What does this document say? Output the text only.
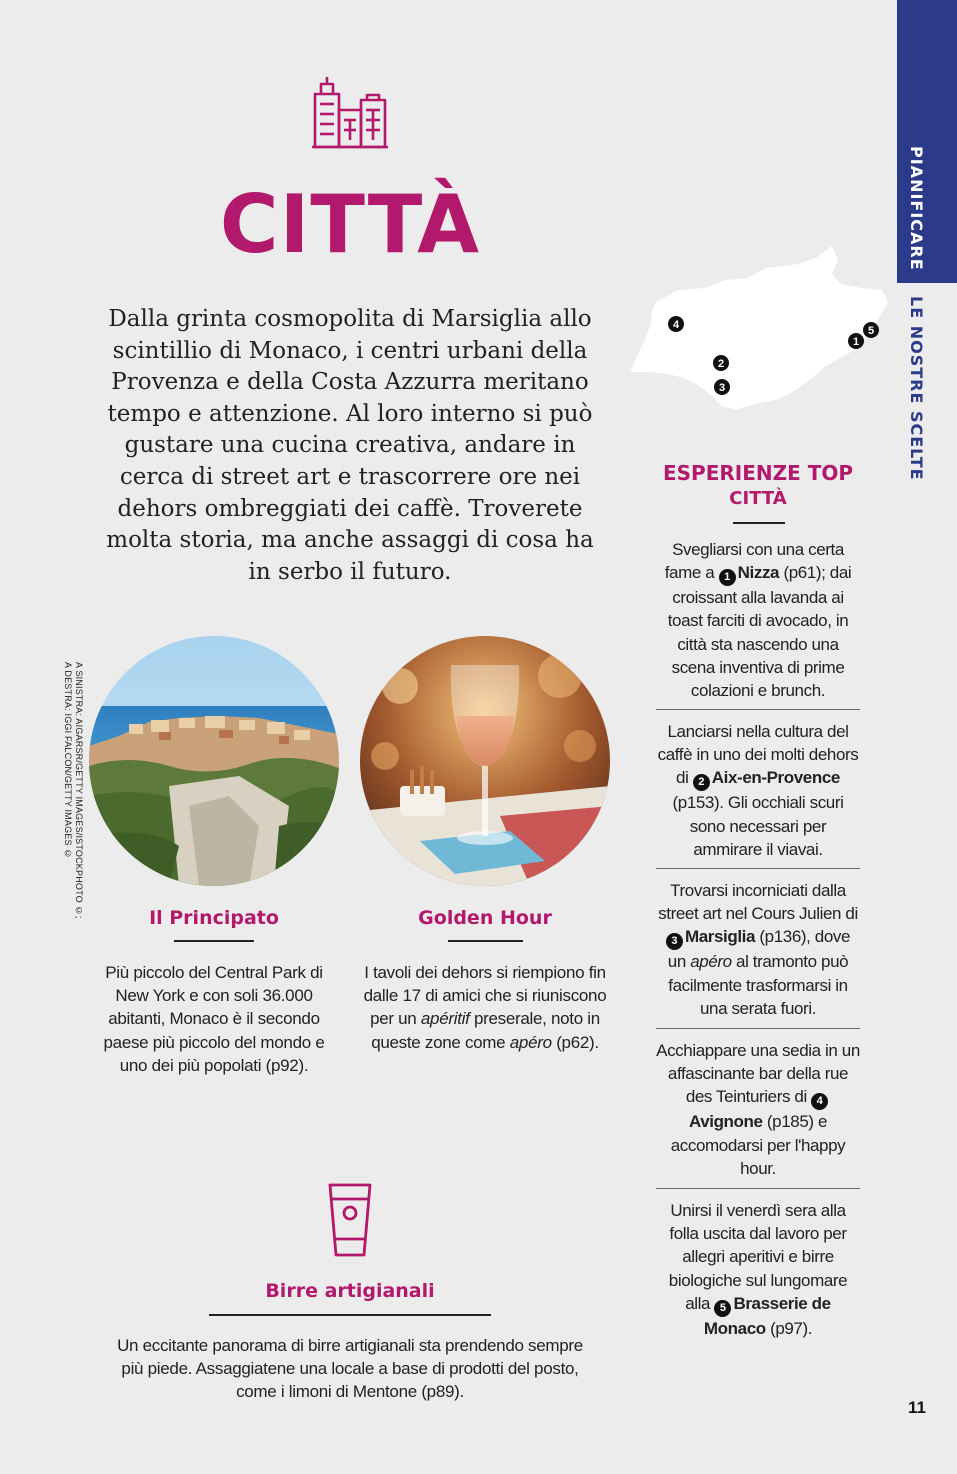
PIANIFICARE
LE NOSTRE SCELTE
CITTÀ

Dalla grinta cosmopolita di Marsiglia allo scintillio di Monaco, i centri urbani della Provenza e della Costa Azzurra meritano tempo e attenzione. Al loro interno si può gustare una cucina creativa, andare in cerca di street art e trascorrere ore nei dehors ombreggiati dei caffè. Troverete molta storia, ma anche assaggi di cosa ha in serbo il futuro.

4
2
3
1
5
ESPERIENZE TOP
CITTÀ
Svegliarsi con una certa fame a 1 Nizza (p61); dai croissant alla lavanda ai toast farciti di avocado, in città sta nascendo una scena inventiva di prime colazioni e brunch.
Lanciarsi nella cultura del caffè in uno dei molti dehors di 2 Aix-en-Provence (p153). Gli occhiali scuri sono necessari per ammirare il viavai.
Trovarsi incorniciati dalla street art nel Cours Julien di 3 Marsiglia (p136), dove un apéro al tramonto può facilmente trasformarsi in una serata fuori.
Acchiappare una sedia in un affascinante bar della rue des Teinturiers di 4Avignone (p185) e accomodarsi per l'happy hour.
Unirsi il venerdì sera alla folla uscita dal lavoro per allegri aperitivi e birre biologiche sul lungomare alla 5 Brasserie de Monaco (p97).
A SINISTRA: AIGARSR/GETTY IMAGES/ISTOCKPHOTO ©;
A DESTRA: IGGI FALCON/GETTY IMAGES ©
Il Principato
Più piccolo del Central Park di New York e con soli 36.000 abitanti, Monaco è il secondo paese più piccolo del mondo e uno dei più popolati (p92).
Golden Hour
I tavoli dei dehors si riempiono fin dalle 17 di amici che si riuniscono per un apéritif preserale, noto in queste zone come apéro (p62).
Birre artigianali
Un eccitante panorama di birre artigianali sta prendendo sempre più piede. Assaggiatene una locale a base di prodotti del posto, come i limoni di Mentone (p89).
11
